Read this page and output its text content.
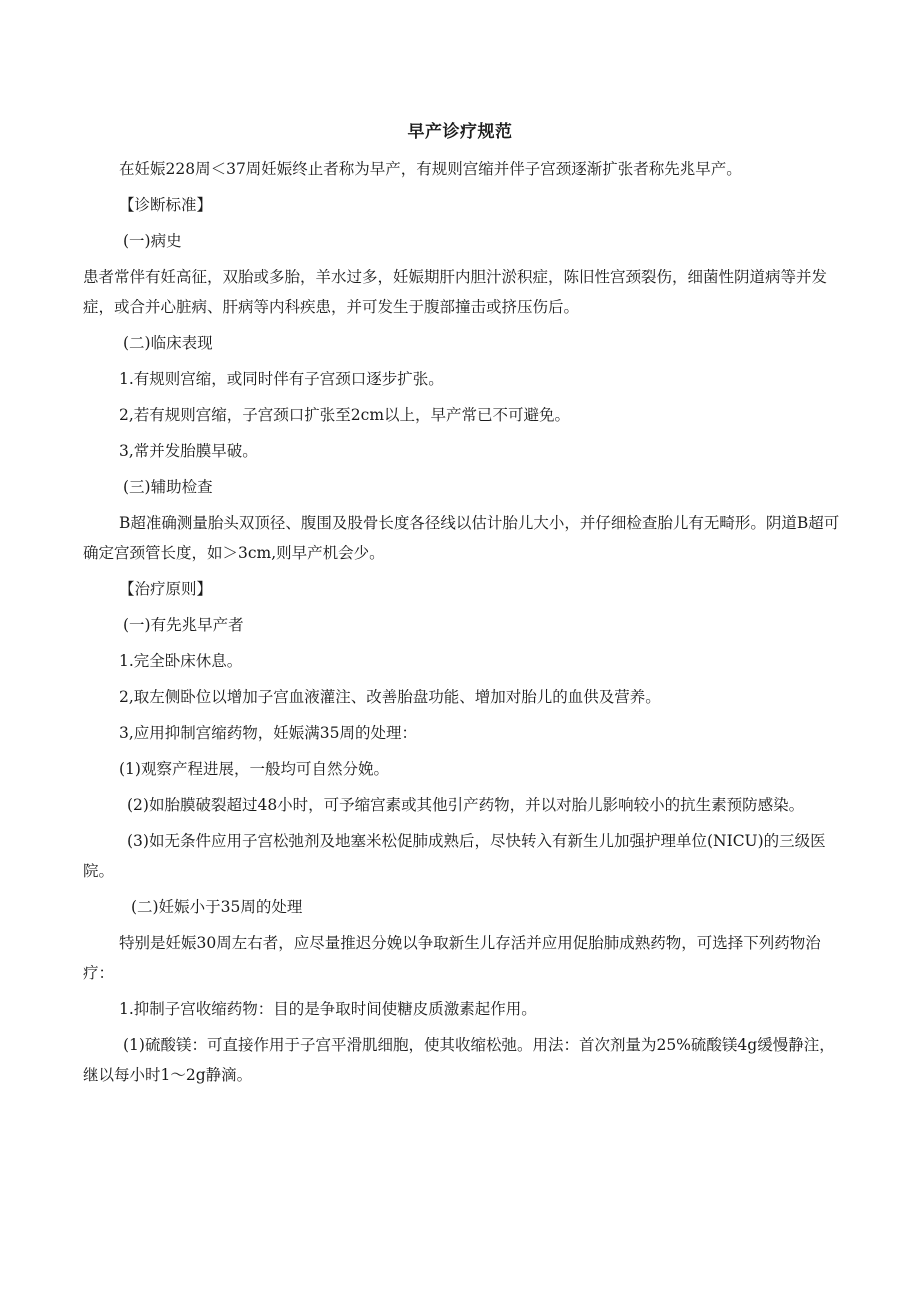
早产诊疗规范

在妊娠228周＜37周妊娠终止者称为早产，有规则宫缩并伴子宫颈逐渐扩张者称先兆早产。

【诊断标准】

(一)病史

患者常伴有妊高征，双胎或多胎，羊水过多，妊娠期肝内胆汁淤积症，陈旧性宫颈裂伤，细菌性阴道病等并发症，或合并心脏病、肝病等内科疾患，并可发生于腹部撞击或挤压伤后。

(二)临床表现

1.有规则宫缩，或同时伴有子宫颈口逐步扩张。

2,若有规则宫缩，子宫颈口扩张至2cm以上，早产常已不可避免。

3,常并发胎膜早破。

(三)辅助检查

B超准确测量胎头双顶径、腹围及股骨长度各径线以估计胎儿大小，并仔细检查胎儿有无畸形。阴道B超可确定宫颈管长度，如＞3cm,则早产机会少。

【治疗原则】

(一)有先兆早产者

1.完全卧床休息。

2,取左侧卧位以增加子宫血液灌注、改善胎盘功能、增加对胎儿的血供及营养。

3,应用抑制宫缩药物，妊娠满35周的处理：

(1)观察产程进展，一般均可自然分娩。

(2)如胎膜破裂超过48小时，可予缩宫素或其他引产药物，并以对胎儿影响较小的抗生素预防感染。

(3)如无条件应用子宫松弛剂及地塞米松促肺成熟后，尽快转入有新生儿加强护理单位(NICU)的三级医院。

(二)妊娠小于35周的处理

特别是妊娠30周左右者，应尽量推迟分娩以争取新生儿存活并应用促胎肺成熟药物，可选择下列药物治疗：

1.抑制子宫收缩药物：目的是争取时间使糖皮质激素起作用。

(1)硫酸镁：可直接作用于子宫平滑肌细胞，使其收缩松弛。用法：首次剂量为25%硫酸镁4g缓慢静注，继以每小时1～2g静滴。
